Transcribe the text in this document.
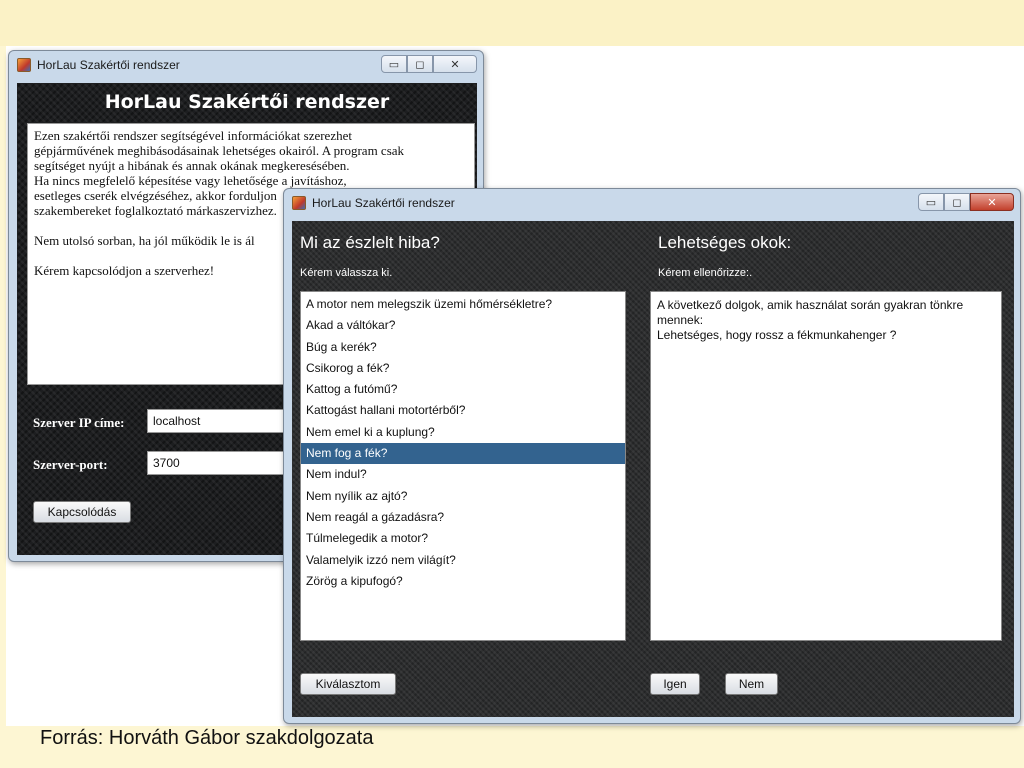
HorLau Szakértői rendszer	▭ ◻ ✕
HorLau Szakértői rendszer

Ezen szakértői rendszer segítségével információkat szerezhet

gépjárművének meghibásodásainak lehetséges okairól. A program csak

segítséget nyújt a hibának és annak okának megkeresésében.

Ha nincs megfelelő képesítése vagy lehetősége a javításhoz,

esetleges cserék elvégzéséhez, akkor forduljon

szakembereket foglalkoztató márkaszervizhez.

Nem utolsó sorban, ha jól működik le is ál

Kérem kapcsolódjon a szerverhez!

Szerver IP címe:	localhost
Szerver-port:	3700
Kapcsolódás
HorLau Szakértői rendszer	▭ ◻ ✕
Mi az észlelt hiba?
Kérem válassza ki.
Lehetséges okok:
Kérem ellenőrizze:.
A motor nem melegszik üzemi hőmérsékletre?
Akad a váltókar?
Búg a kerék?
Csikorog a fék?
Kattog a futómű?
Kattogást hallani motortérből?
Nem emel ki a kuplung?
Nem fog a fék?
Nem indul?
Nem nyílik az ajtó?
Nem reagál a gázadásra?
Túlmelegedik a motor?
Valamelyik izzó nem világít?
Zörög a kipufogó?
A következő dolgok, amik használat során gyakran tönkre
mennek:
Lehetséges, hogy rossz a fékmunkahenger ?
Kiválasztom	Igen	Nem
Forrás: Horváth Gábor szakdolgozata
